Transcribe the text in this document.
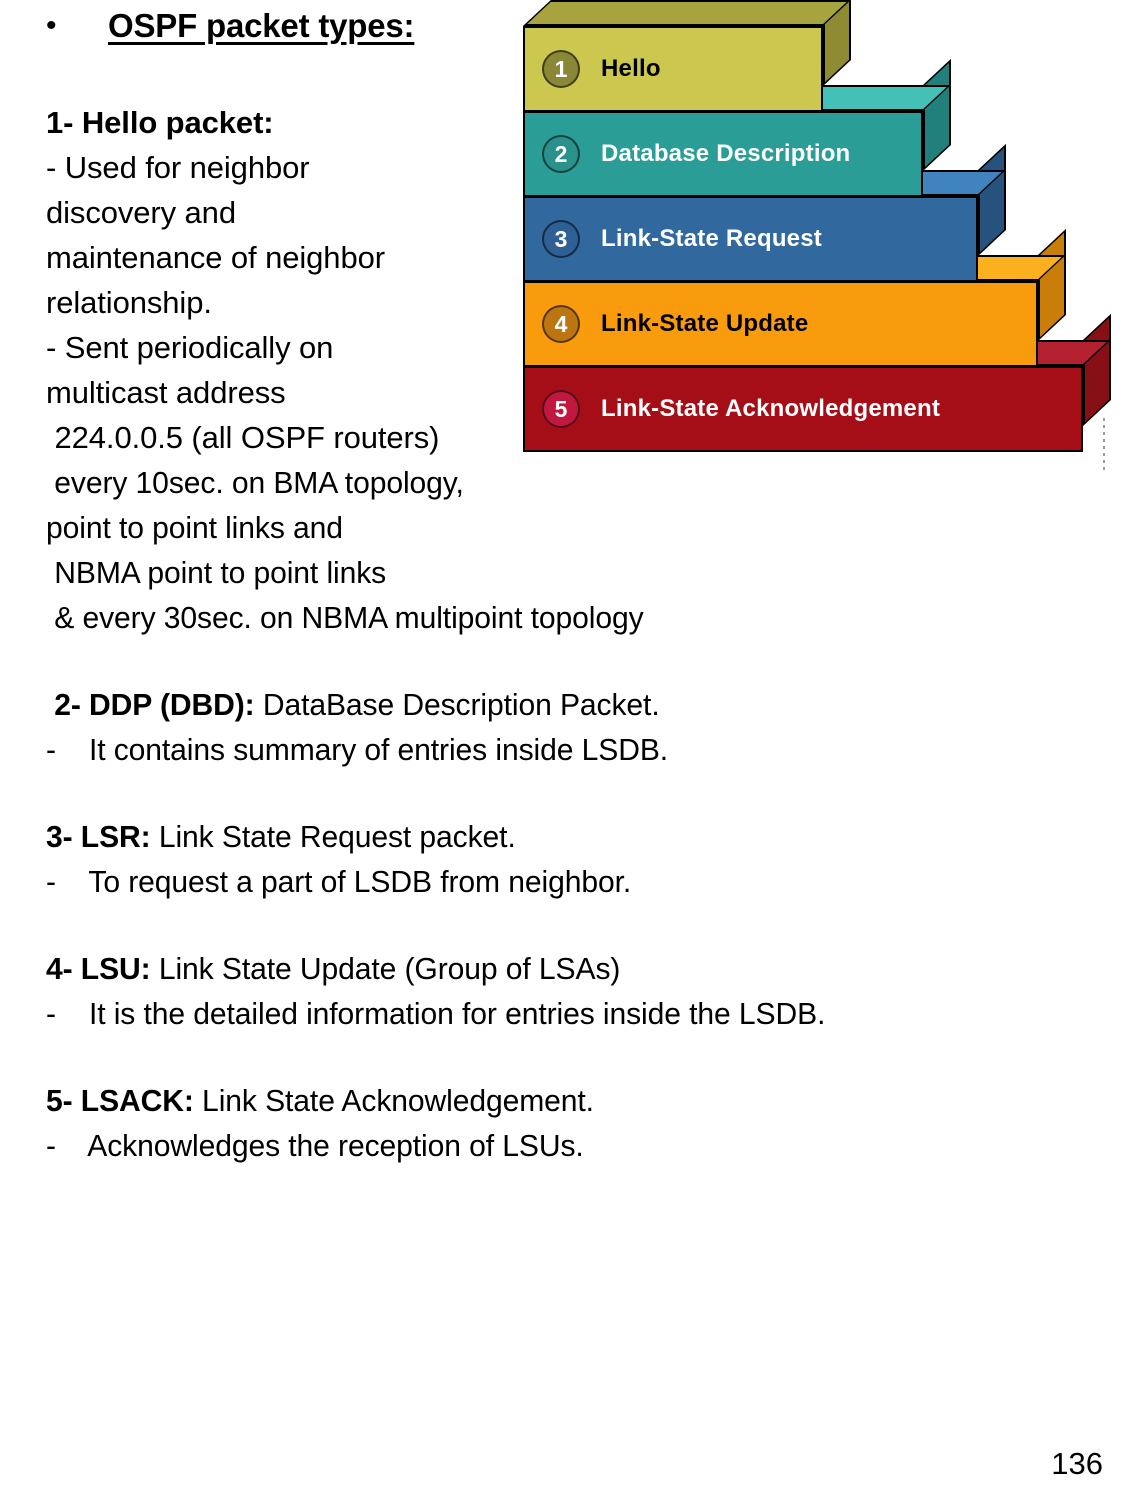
•	OSPF packet types:
1- Hello packet:
- Used for neighbor
discovery and
maintenance of neighbor
relationship.
- Sent periodically on
multicast address
224.0.0.5 (all OSPF routers)
every 10sec. on BMA topology,
point to point links and
NBMA point to point links
& every 30sec. on NBMA multipoint topology
2- DDP (DBD): DataBase Description Packet.
-    It contains summary of entries inside LSDB.
3- LSR: Link State Request packet.
-    To request a part of LSDB from neighbor.
4- LSU: Link State Update (Group of LSAs)
-    It is the detailed information for entries inside the LSDB.
5- LSACK: Link State Acknowledgement.
-    Acknowledges the reception of LSUs.
1	Hello
2	Database Description
3	Link-State Request
4	Link-State Update
5	Link-State Acknowledgement
136
